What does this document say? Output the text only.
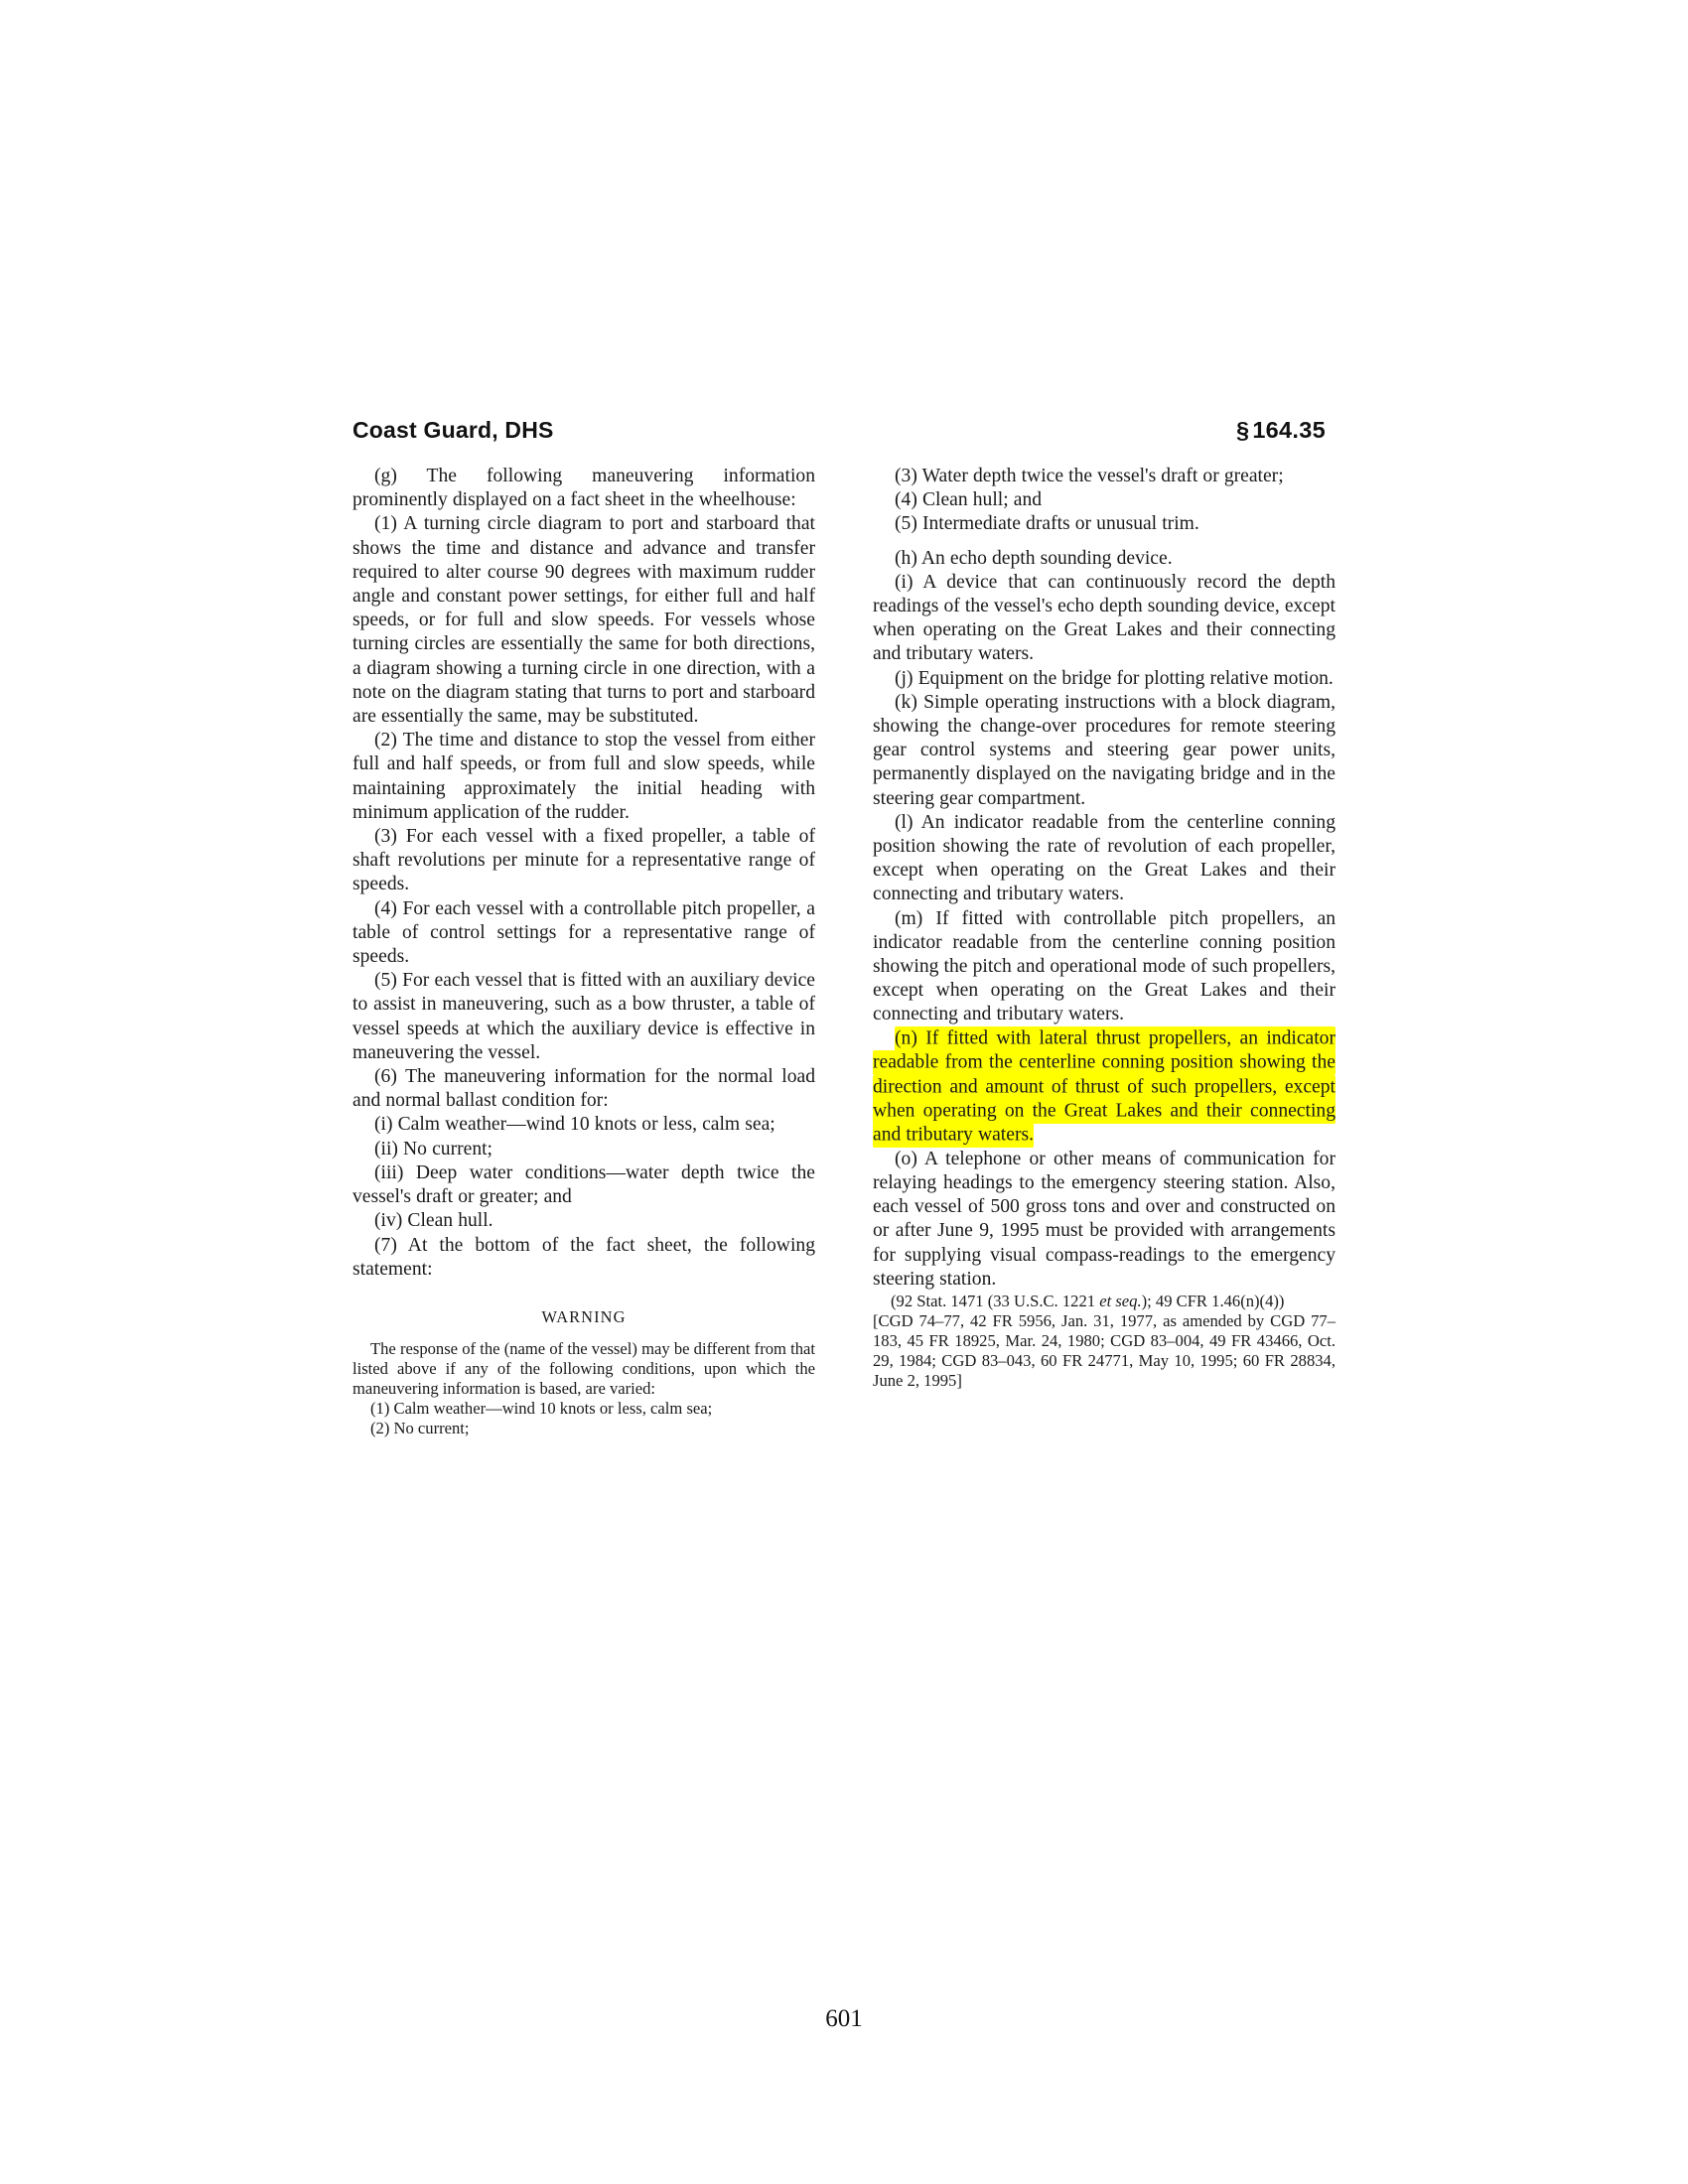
Coast Guard, DHS	§ 164.35

(g) The following maneuvering information prominently displayed on a fact sheet in the wheelhouse:

(1) A turning circle diagram to port and starboard that shows the time and distance and advance and transfer required to alter course 90 degrees with maximum rudder angle and constant power settings, for either full and half speeds, or for full and slow speeds. For vessels whose turning circles are essentially the same for both directions, a diagram showing a turning circle in one direction, with a note on the diagram stating that turns to port and starboard are essentially the same, may be substituted.

(2) The time and distance to stop the vessel from either full and half speeds, or from full and slow speeds, while maintaining approximately the initial heading with minimum application of the rudder.

(3) For each vessel with a fixed propeller, a table of shaft revolutions per minute for a representative range of speeds.

(4) For each vessel with a controllable pitch propeller, a table of control settings for a representative range of speeds.

(5) For each vessel that is fitted with an auxiliary device to assist in maneuvering, such as a bow thruster, a table of vessel speeds at which the auxiliary device is effective in maneuvering the vessel.

(6) The maneuvering information for the normal load and normal ballast condition for:

(i) Calm weather—wind 10 knots or less, calm sea;

(ii) No current;

(iii) Deep water conditions—water depth twice the vessel's draft or greater; and

(iv) Clean hull.

(7) At the bottom of the fact sheet, the following statement:

WARNING

The response of the (name of the vessel) may be different from that listed above if any of the following conditions, upon which the maneuvering information is based, are varied:

(1) Calm weather—wind 10 knots or less, calm sea;

(2) No current;

(3) Water depth twice the vessel's draft or greater;

(4) Clean hull; and

(5) Intermediate drafts or unusual trim.

(h) An echo depth sounding device.

(i) A device that can continuously record the depth readings of the vessel's echo depth sounding device, except when operating on the Great Lakes and their connecting and tributary waters.

(j) Equipment on the bridge for plotting relative motion.

(k) Simple operating instructions with a block diagram, showing the change-over procedures for remote steering gear control systems and steering gear power units, permanently displayed on the navigating bridge and in the steering gear compartment.

(l) An indicator readable from the centerline conning position showing the rate of revolution of each propeller, except when operating on the Great Lakes and their connecting and tributary waters.

(m) If fitted with controllable pitch propellers, an indicator readable from the centerline conning position showing the pitch and operational mode of such propellers, except when operating on the Great Lakes and their connecting and tributary waters.

(n) If fitted with lateral thrust propellers, an indicator readable from the centerline conning position showing the direction and amount of thrust of such propellers, except when operating on the Great Lakes and their connecting and tributary waters.

(o) A telephone or other means of communication for relaying headings to the emergency steering station. Also, each vessel of 500 gross tons and over and constructed on or after June 9, 1995 must be provided with arrangements for supplying visual compass-readings to the emergency steering station.

(92 Stat. 1471 (33 U.S.C. 1221 et seq.); 49 CFR 1.46(n)(4))

[CGD 74–77, 42 FR 5956, Jan. 31, 1977, as amended by CGD 77–183, 45 FR 18925, Mar. 24, 1980; CGD 83–004, 49 FR 43466, Oct. 29, 1984; CGD 83–043, 60 FR 24771, May 10, 1995; 60 FR 28834, June 2, 1995]

601
